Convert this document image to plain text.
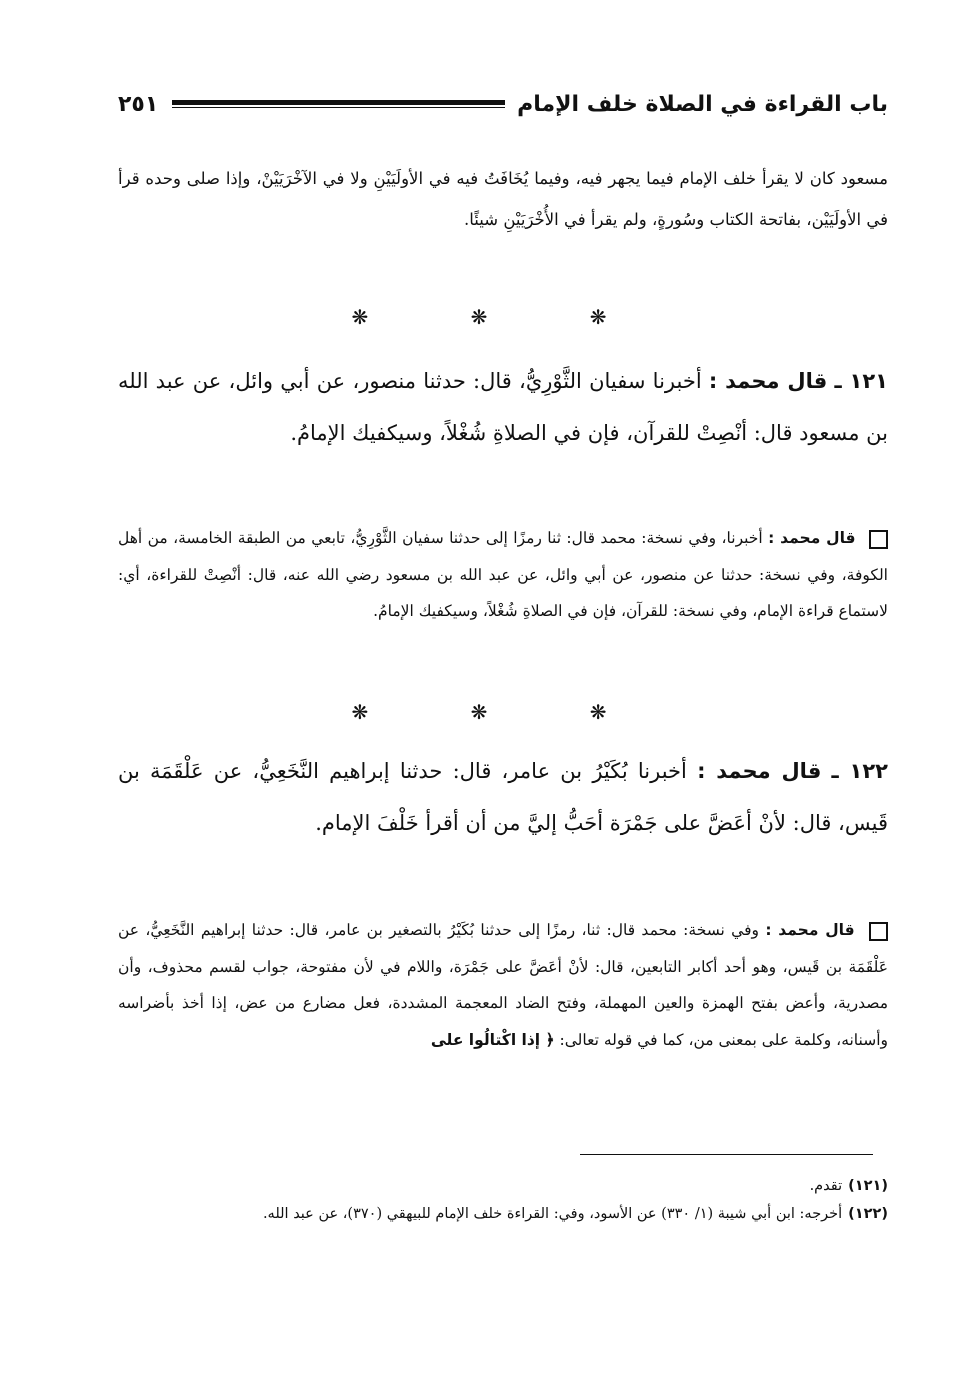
باب القراءة في الصلاة خلف الإمام
٢٥١
مسعود كان لا يقرأ خلف الإمام فيما يجهر فيه، وفيما يُخَافَتُ فيه في الأولَيَيْنِ ولا في الآخْرَيَيْنْ، وإذا صلى وحده قرأ في الأولَيَيْن، بفاتحة الكتاب وسُورةٍ، ولم يقرأ في الأُخْرَيَيْنِ شيئًا.
❋ ❋ ❋
١٢١ ـ قال محمد : أخبرنا سفيان الثَّوْرِيُّ، قال: حدثنا منصور، عن أبي وائل، عن عبد الله بن مسعود قال: أنْصِتْ للقرآن، فإن في الصلاةِ شُغْلاً، وسيكفيك الإمامُ.
قال محمد : أخبرنا، وفي نسخة: محمد قال: ثنا رمزًا إلى حدثنا سفيان الثَّوْرِيُّ، تابعي من الطبقة الخامسة، من أهل الكوفة، وفي نسخة: حدثنا عن منصور، عن أبي وائل، عن عبد الله بن مسعود رضي الله عنه، قال: أنْصِتْ للقراءة، أي: لاستماع قراءة الإمام، وفي نسخة: للقرآن، فإن في الصلاةِ شُغْلاً، وسيكفيك الإمامُ.
❋ ❋ ❋
١٢٢ ـ قال محمد : أخبرنا بُكَيْرُ بن عامر، قال: حدثنا إبراهيم النَّخَعِيُّ، عن عَلْقَمَة بن قَيس، قال: لأنْ أعَضَّ على جَمْرَة أحَبُّ إليَّ من أن أقرأ خَلْفَ الإمام.
قال محمد : وفي نسخة: محمد قال: ثنا، رمزًا إلى حدثنا بُكَيْرُ بالتصغير بن عامر، قال: حدثنا إبراهيم النَّخَعِيُّ، عن عَلْقَمَة بن قَيس، وهو أحد أكابر التابعين، قال: لأنْ أعَضَّ على جَمْرَة، واللام في لأن مفتوحة، جواب لقسم محذوف، وأن مصدرية، وأعض بفتح الهمزة والعين المهملة، وفتح الضاد المعجمة المشددة، فعل مضارع من عض، إذا أخذ بأضراسه وأسنانه، وكلمة على بمعنى من، كما في قوله تعالى: ﴿ إذا اكْتالُوا على
(١٢١)تقدم.
(١٢٢)أخرجه: ابن أبي شيبة (١/ ٣٣٠) عن الأسود، وفي: القراءة خلف الإمام للبيهقي (٣٧٠)، عن عبد الله.
